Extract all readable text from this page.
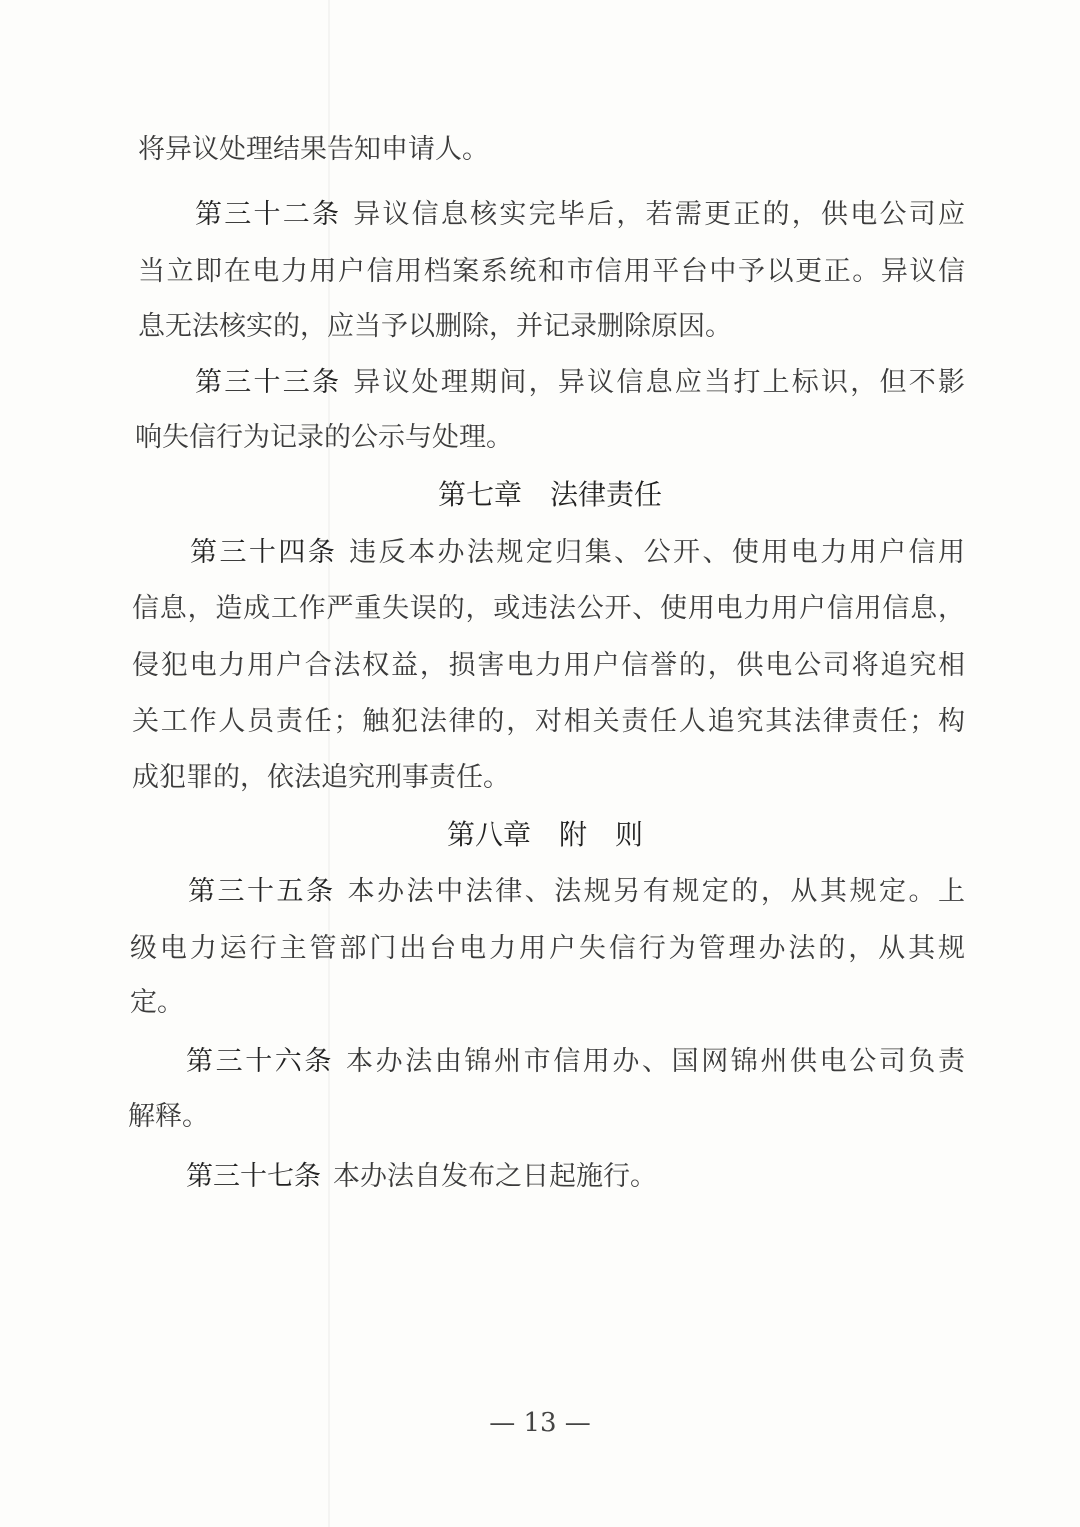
将异议处理结果告知申请人。
第三十二条 异议信息核实完毕后，若需更正的，供电公司应
当立即在电力用户信用档案系统和市信用平台中予以更正。异议信
息无法核实的，应当予以删除，并记录删除原因。
第三十三条 异议处理期间，异议信息应当打上标识，但不影
响失信行为记录的公示与处理。
第七章　法律责任
第三十四条 违反本办法规定归集、公开、使用电力用户信用
信息，造成工作严重失误的，或违法公开、使用电力用户信用信息，
侵犯电力用户合法权益，损害电力用户信誉的，供电公司将追究相
关工作人员责任；触犯法律的，对相关责任人追究其法律责任；构
成犯罪的，依法追究刑事责任。
第八章　附　则
第三十五条 本办法中法律、法规另有规定的，从其规定。上
级电力运行主管部门出台电力用户失信行为管理办法的，从其规
定。
第三十六条 本办法由锦州市信用办、国网锦州供电公司负责
解释。
第三十七条 本办法自发布之日起施行。
— 13 —
